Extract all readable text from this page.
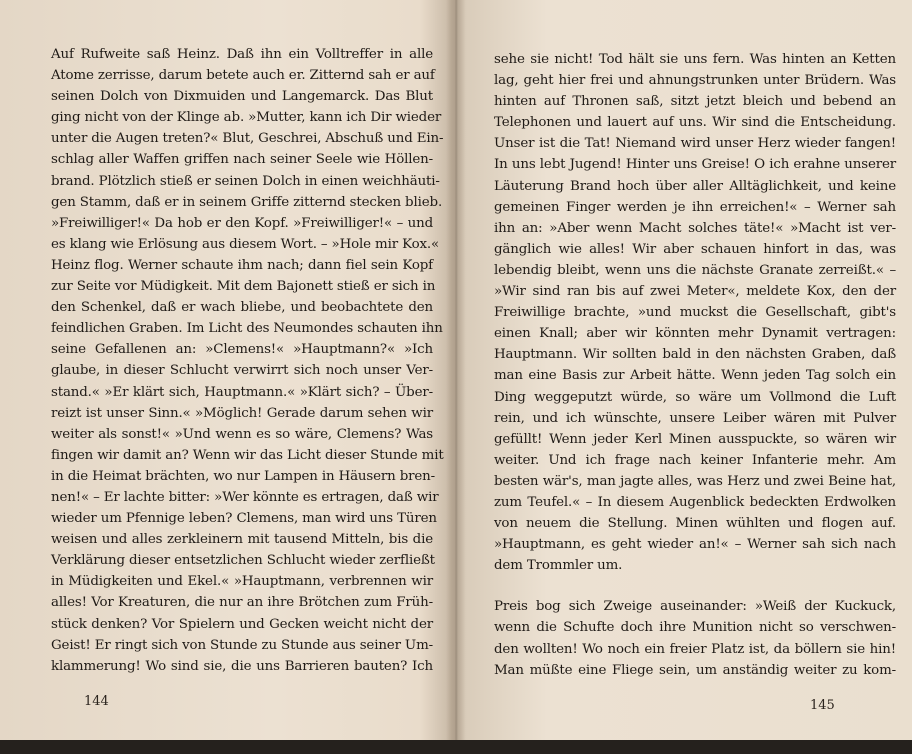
Auf Rufweite saß Heinz. Daß ihn ein Volltreffer in alle
Atome zerrisse, darum betete auch er. Zitternd sah er auf
seinen Dolch von Dixmuiden und Langemarck. Das Blut
ging nicht von der Klinge ab. »Mutter, kann ich Dir wieder
unter die Augen treten?« Blut, Geschrei, Abschuß und Ein-
schlag aller Waffen griffen nach seiner Seele wie Höllen-
brand. Plötzlich stieß er seinen Dolch in einen weichhäuti-
gen Stamm, daß er in seinem Griffe zitternd stecken blieb.
»Freiwilliger!« Da hob er den Kopf. »Freiwilliger!« – und
es klang wie Erlösung aus diesem Wort. – »Hole mir Kox.«
Heinz flog. Werner schaute ihm nach; dann fiel sein Kopf
zur Seite vor Müdigkeit. Mit dem Bajonett stieß er sich in
den Schenkel, daß er wach bliebe, und beobachtete den
feindlichen Graben. Im Licht des Neumondes schauten ihn
seine Gefallenen an: »Clemens!« »Hauptmann?« »Ich
glaube, in dieser Schlucht verwirrt sich noch unser Ver-
stand.« »Er klärt sich, Hauptmann.« »Klärt sich? – Über-
reizt ist unser Sinn.« »Möglich! Gerade darum sehen wir
weiter als sonst!« »Und wenn es so wäre, Clemens? Was
fingen wir damit an? Wenn wir das Licht dieser Stunde mit
in die Heimat brächten, wo nur Lampen in Häusern bren-
nen!« – Er lachte bitter: »Wer könnte es ertragen, daß wir
wieder um Pfennige leben? Clemens, man wird uns Türen
weisen und alles zerkleinern mit tausend Mitteln, bis die
Verklärung dieser entsetzlichen Schlucht wieder zerfließt
in Müdigkeiten und Ekel.« »Hauptmann, verbrennen wir
alles! Vor Kreaturen, die nur an ihre Brötchen zum Früh-
stück denken? Vor Spielern und Gecken weicht nicht der
Geist! Er ringt sich von Stunde zu Stunde aus seiner Um-
klammerung! Wo sind sie, die uns Barrieren bauten? Ich
144
sehe sie nicht! Tod hält sie uns fern. Was hinten an Ketten
lag, geht hier frei und ahnungstrunken unter Brüdern. Was
hinten auf Thronen saß, sitzt jetzt bleich und bebend an
Telephonen und lauert auf uns. Wir sind die Entscheidung.
Unser ist die Tat! Niemand wird unser Herz wieder fangen!
In uns lebt Jugend! Hinter uns Greise! O ich erahne unserer
Läuterung Brand hoch über aller Alltäglichkeit, und keine
gemeinen Finger werden je ihn erreichen!« – Werner sah
ihn an: »Aber wenn Macht solches täte!« »Macht ist ver-
gänglich wie alles! Wir aber schauen hinfort in das, was
lebendig bleibt, wenn uns die nächste Granate zerreißt.« –
»Wir sind ran bis auf zwei Meter«, meldete Kox, den der
Freiwillige brachte, »und muckst die Gesellschaft, gibt's
einen Knall; aber wir könnten mehr Dynamit vertragen:
Hauptmann. Wir sollten bald in den nächsten Graben, daß
man eine Basis zur Arbeit hätte. Wenn jeden Tag solch ein
Ding weggeputzt würde, so wäre um Vollmond die Luft
rein, und ich wünschte, unsere Leiber wären mit Pulver
gefüllt! Wenn jeder Kerl Minen ausspuckte, so wären wir
weiter. Und ich frage nach keiner Infanterie mehr. Am
besten wär's, man jagte alles, was Herz und zwei Beine hat,
zum Teufel.« – In diesem Augenblick bedeckten Erdwolken
von neuem die Stellung. Minen wühlten und flogen auf.
»Hauptmann, es geht wieder an!« – Werner sah sich nach
dem Trommler um.
Preis bog sich Zweige auseinander: »Weiß der Kuckuck,
wenn die Schufte doch ihre Munition nicht so verschwen-
den wollten! Wo noch ein freier Platz ist, da böllern sie hin!
Man müßte eine Fliege sein, um anständig weiter zu kom-
145
